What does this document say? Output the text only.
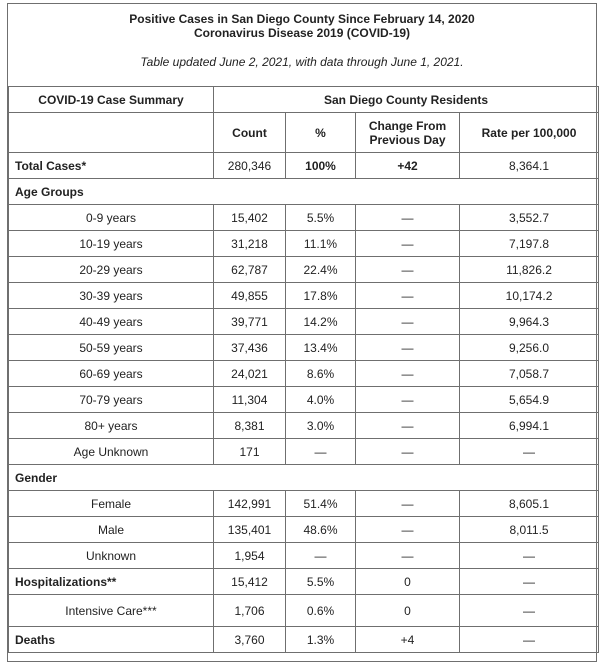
Positive Cases in San Diego County Since February 14, 2020
Coronavirus Disease 2019 (COVID-19)
Table updated June 2, 2021, with data through June 1, 2021.
COVID-19 Case Summary	San Diego County Residents			
	Count	%	Change From Previous Day	Rate per 100,000
Total Cases*	280,346	100%	+42	8,364.1
Age Groups				
0-9 years	15,402	5.5%	—	3,552.7
10-19 years	31,218	11.1%	—	7,197.8
20-29 years	62,787	22.4%	—	11,826.2
30-39 years	49,855	17.8%	—	10,174.2
40-49 years	39,771	14.2%	—	9,964.3
50-59 years	37,436	13.4%	—	9,256.0
60-69 years	24,021	8.6%	—	7,058.7
70-79 years	11,304	4.0%	—	5,654.9
80+ years	8,381	3.0%	—	6,994.1
Age Unknown	171	—	—	—
Gender				
Female	142,991	51.4%	—	8,605.1
Male	135,401	48.6%	—	8,011.5
Unknown	1,954	—	—	—
Hospitalizations**	15,412	5.5%	0	—
Intensive Care***	1,706	0.6%	0	—
Deaths	3,760	1.3%	+4	—
